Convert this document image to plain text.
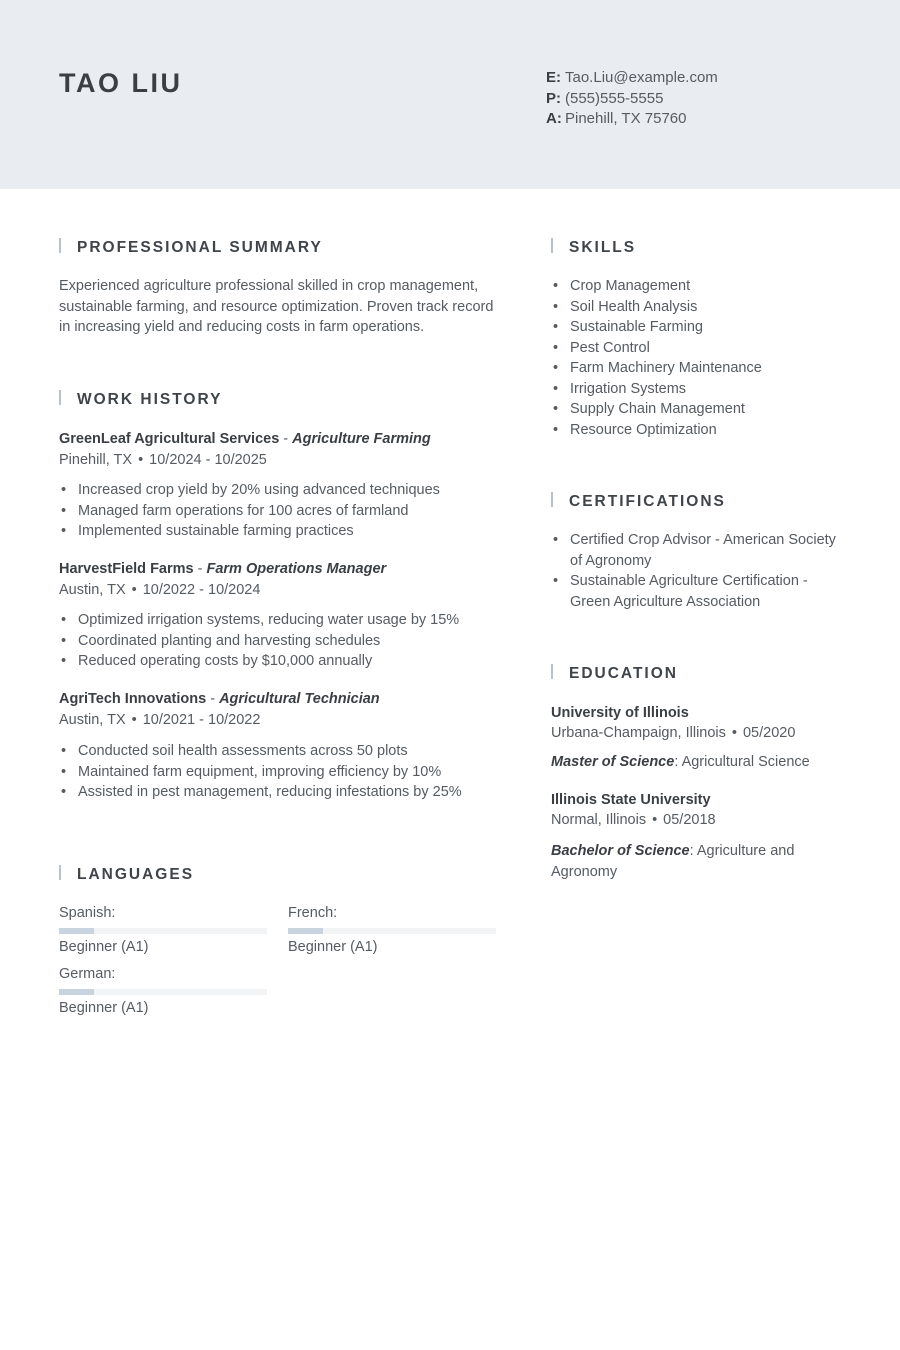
TAO LIU	E: Tao.Liu@example.com
P: (555)555-5555
A: Pinehill, TX 75760
PROFESSIONAL SUMMARY
Experienced agriculture professional skilled in crop management,
sustainable farming, and resource optimization. Proven track record
in increasing yield and reducing costs in farm operations.
WORK HISTORY
GreenLeaf Agricultural Services - Agriculture Farming
Pinehill, TX • 10/2024 - 10/2025
• Increased crop yield by 20% using advanced techniques
• Managed farm operations for 100 acres of farmland
• Implemented sustainable farming practices
HarvestField Farms - Farm Operations Manager
Austin, TX • 10/2022 - 10/2024
• Optimized irrigation systems, reducing water usage by 15%
• Coordinated planting and harvesting schedules
• Reduced operating costs by $10,000 annually
AgriTech Innovations - Agricultural Technician
Austin, TX • 10/2021 - 10/2022
• Conducted soil health assessments across 50 plots
• Maintained farm equipment, improving efficiency by 10%
• Assisted in pest management, reducing infestations by 25%
LANGUAGES
Spanish:
Beginner (A1)
French:
Beginner (A1)
German:
Beginner (A1)
SKILLS
• Crop Management
• Soil Health Analysis
• Sustainable Farming
• Pest Control
• Farm Machinery Maintenance
• Irrigation Systems
• Supply Chain Management
• Resource Optimization
CERTIFICATIONS
• Certified Crop Advisor - American Society
of Agronomy
• Sustainable Agriculture Certification -
Green Agriculture Association
EDUCATION
University of Illinois
Urbana-Champaign, Illinois • 05/2020
Master of Science: Agricultural Science
Illinois State University
Normal, Illinois • 05/2018
Bachelor of Science: Agriculture and Agronomy
